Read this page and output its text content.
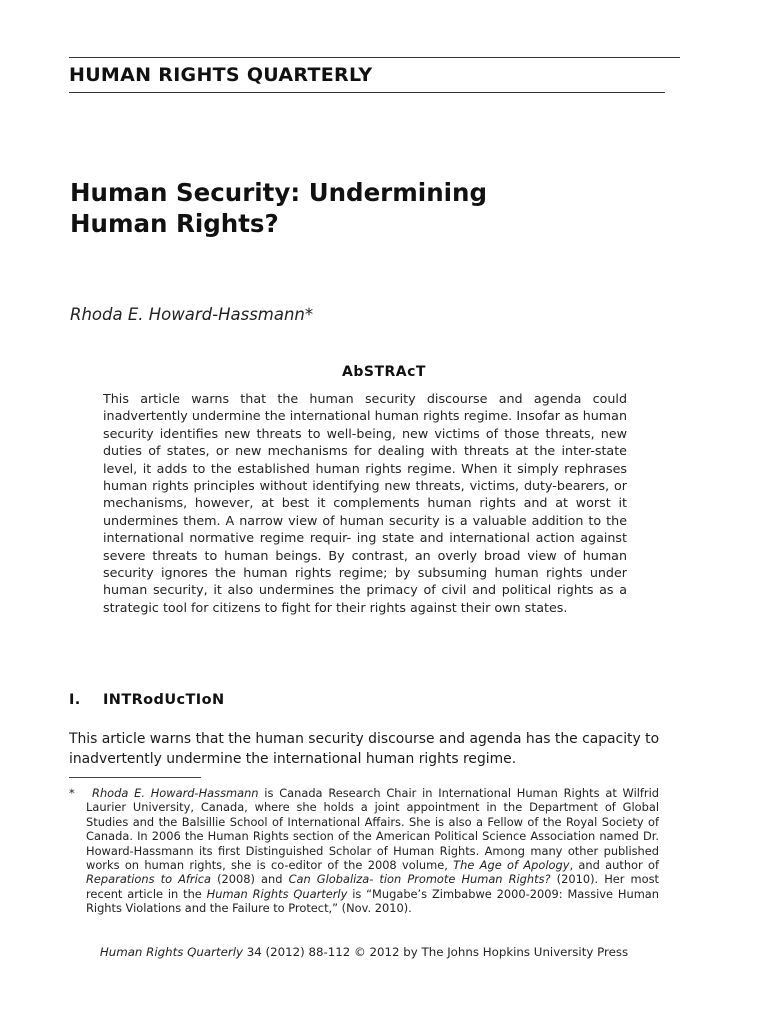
HUMAN RIGHTS QUARTERLY
Human Security: Undermining
Human Rights?

Rhoda E. Howard-Hassmann*

AbSTRAcT

This article warns that the human security discourse and agenda could inadvertently undermine the international human rights regime. Insofar as human security identifies new threats to well-being, new victims of those threats, new duties of states, or new mechanisms for dealing with threats at the inter-state level, it adds to the established human rights regime. When it simply rephrases human rights principles without identifying new threats, victims, duty-bearers, or mechanisms, however, at best it complements human rights and at worst it undermines them. A narrow view of human security is a valuable addition to the international normative regime requir- ing state and international action against severe threats to human beings. By contrast, an overly broad view of human security ignores the human rights regime; by subsuming human rights under human security, it also undermines the primacy of civil and political rights as a strategic tool for citizens to fight for their rights against their own states.

I. INTRodUcTIoN

This article warns that the human security discourse and agenda has the capacity to inadvertently undermine the international human rights regime.

* Rhoda E. Howard-Hassmann is Canada Research Chair in International Human Rights at Wilfrid Laurier University, Canada, where she holds a joint appointment in the Department of Global Studies and the Balsillie School of International Affairs. She is also a Fellow of the Royal Society of Canada. In 2006 the Human Rights section of the American Political Science Association named Dr. Howard-Hassmann its first Distinguished Scholar of Human Rights. Among many other published works on human rights, she is co-editor of the 2008 volume, The Age of Apology, and author of Reparations to Africa (2008) and Can Globaliza- tion Promote Human Rights? (2010). Her most recent article in the Human Rights Quarterly is “Mugabe’s Zimbabwe 2000-2009: Massive Human Rights Violations and the Failure to Protect,” (Nov. 2010).

Human Rights Quarterly 34 (2012) 88-112 © 2012 by The Johns Hopkins University Press
